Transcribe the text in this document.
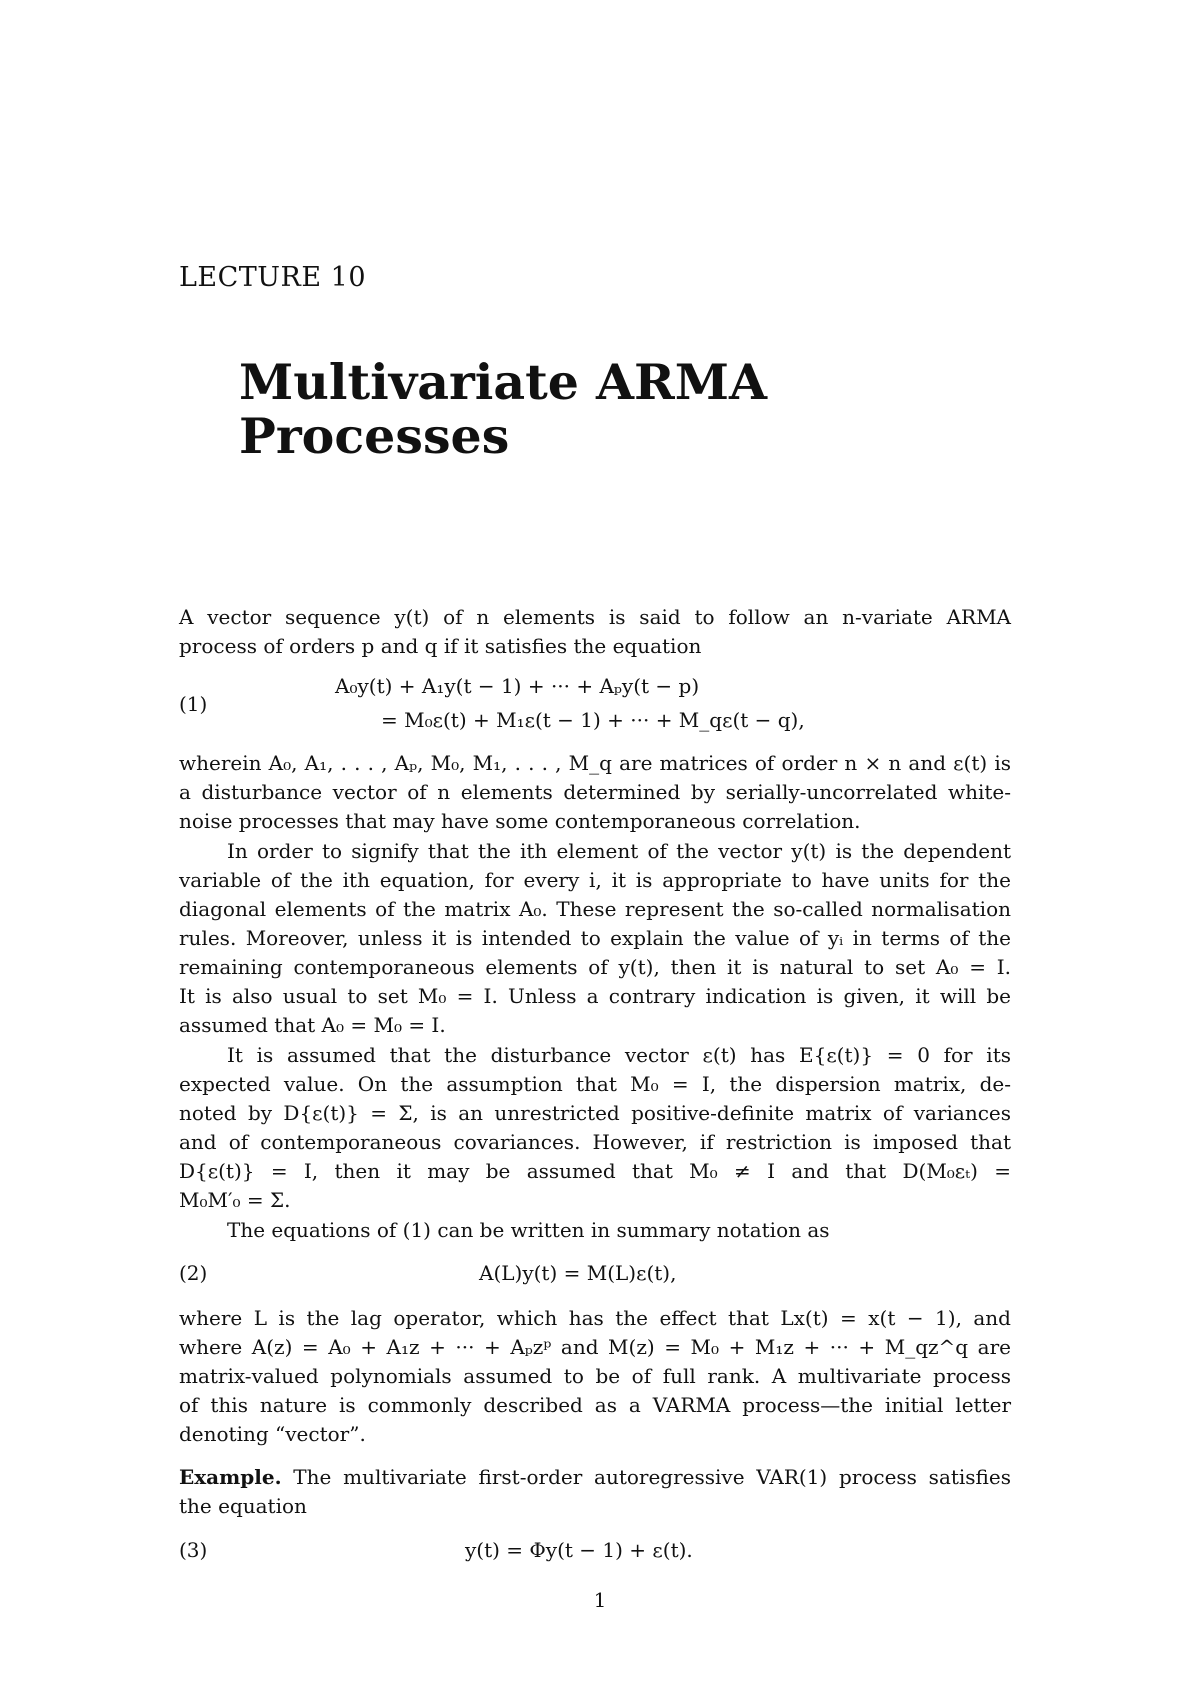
LECTURE 10
Multivariate ARMA
Processes
A vector sequence y(t) of n elements is said to follow an n-variate ARMA
process of orders p and q if it satisfies the equation
(1)
A₀y(t) + A₁y(t − 1) + ··· + Aₚy(t − p)
= M₀ε(t) + M₁ε(t − 1) + ··· + M_qε(t − q),
wherein A₀, A₁, . . . , Aₚ, M₀, M₁, . . . , M_q are matrices of order n × n and ε(t) is
a disturbance vector of n elements determined by serially-uncorrelated white-
noise processes that may have some contemporaneous correlation.
In order to signify that the ith element of the vector y(t) is the dependent
variable of the ith equation, for every i, it is appropriate to have units for the
diagonal elements of the matrix A₀. These represent the so-called normalisation
rules. Moreover, unless it is intended to explain the value of yᵢ in terms of the
remaining contemporaneous elements of y(t), then it is natural to set A₀ = I.
It is also usual to set M₀ = I. Unless a contrary indication is given, it will be
assumed that A₀ = M₀ = I.
It is assumed that the disturbance vector ε(t) has E{ε(t)} = 0 for its
expected value. On the assumption that M₀ = I, the dispersion matrix, de-
noted by D{ε(t)} = Σ, is an unrestricted positive-definite matrix of variances
and of contemporaneous covariances. However, if restriction is imposed that
D{ε(t)} = I, then it may be assumed that M₀ ≠ I and that D(M₀εₜ) =
M₀M′₀ = Σ.
The equations of (1) can be written in summary notation as
(2)	A(L)y(t) = M(L)ε(t),
where L is the lag operator, which has the effect that Lx(t) = x(t − 1), and
where A(z) = A₀ + A₁z + ··· + Aₚzᵖ and M(z) = M₀ + M₁z + ··· + M_qz^q are
matrix-valued polynomials assumed to be of full rank. A multivariate process
of this nature is commonly described as a VARMA process—the initial letter
denoting “vector”.
Example. The multivariate first-order autoregressive VAR(1) process satisfies
the equation
(3)	y(t) = Φy(t − 1) + ε(t).
1
